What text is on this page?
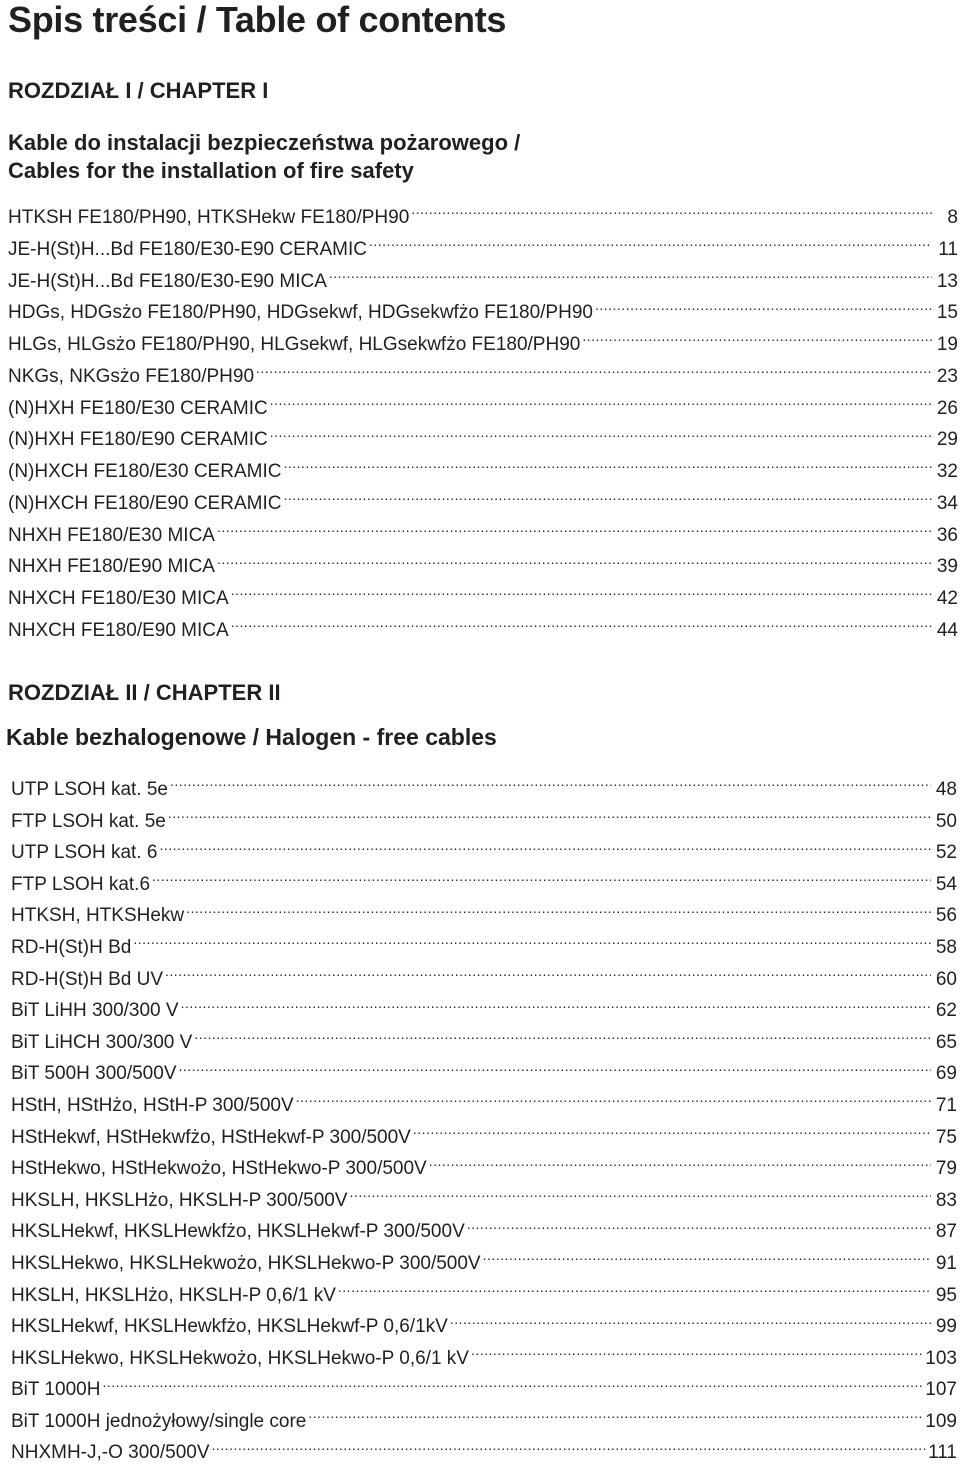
Spis treści / Table of contents
ROZDZIAŁ I / CHAPTER I
Kable do instalacji bezpieczeństwa pożarowego /
Cables for the installation of fire safety
HTKSH FE180/PH90, HTKSHekw FE180/PH90 .....	8
JE-H(St)H...Bd FE180/E30-E90 CERAMIC .....	11
JE-H(St)H...Bd FE180/E30-E90 MICA .....	13
HDGs, HDGsżo FE180/PH90, HDGsekwf, HDGsekwfżo FE180/PH90 .....	15
HLGs, HLGsżo FE180/PH90, HLGsekwf, HLGsekwfżo FE180/PH90 .....	19
NKGs, NKGsżo FE180/PH90 .....	23
(N)HXH FE180/E30 CERAMIC .....	26
(N)HXH FE180/E90 CERAMIC .....	29
(N)HXCH FE180/E30 CERAMIC .....	32
(N)HXCH FE180/E90 CERAMIC .....	34
NHXH FE180/E30 MICA .....	36
NHXH FE180/E90 MICA .....	39
NHXCH FE180/E30 MICA .....	42
NHXCH FE180/E90 MICA .....	44
ROZDZIAŁ II / CHAPTER II
Kable bezhalogenowe / Halogen - free cables
UTP LSOH kat. 5e .....	48
FTP LSOH kat. 5e .....	50
UTP LSOH kat. 6 .....	52
FTP LSOH kat.6 .....	54
HTKSH, HTKSHekw .....	56
RD-H(St)H Bd .....	58
RD-H(St)H Bd UV .....	60
BiT LiHH 300/300 V .....	62
BiT LiHCH 300/300 V .....	65
BiT 500H 300/500V .....	69
HStH, HStHżo, HStH-P 300/500V .....	71
HStHekwf, HStHekwfżo, HStHekwf-P 300/500V .....	75
HStHekwo, HStHekwożo, HStHekwo-P 300/500V .....	79
HKSLH, HKSLHżo, HKSLH-P 300/500V .....	83
HKSLHekwf, HKSLHewkfżo, HKSLHekwf-P 300/500V .....	87
HKSLHekwo, HKSLHekwożo, HKSLHekwo-P 300/500V .....	91
HKSLH, HKSLHżo, HKSLH-P 0,6/1 kV .....	95
HKSLHekwf, HKSLHewkfżo, HKSLHekwf-P 0,6/1kV .....	99
HKSLHekwo, HKSLHekwożo, HKSLHekwo-P 0,6/1 kV .....	103
BiT 1000H .....	107
BiT 1000H jednożyłowy/single core .....	109
NHXMH-J,-O 300/500V .....	111
